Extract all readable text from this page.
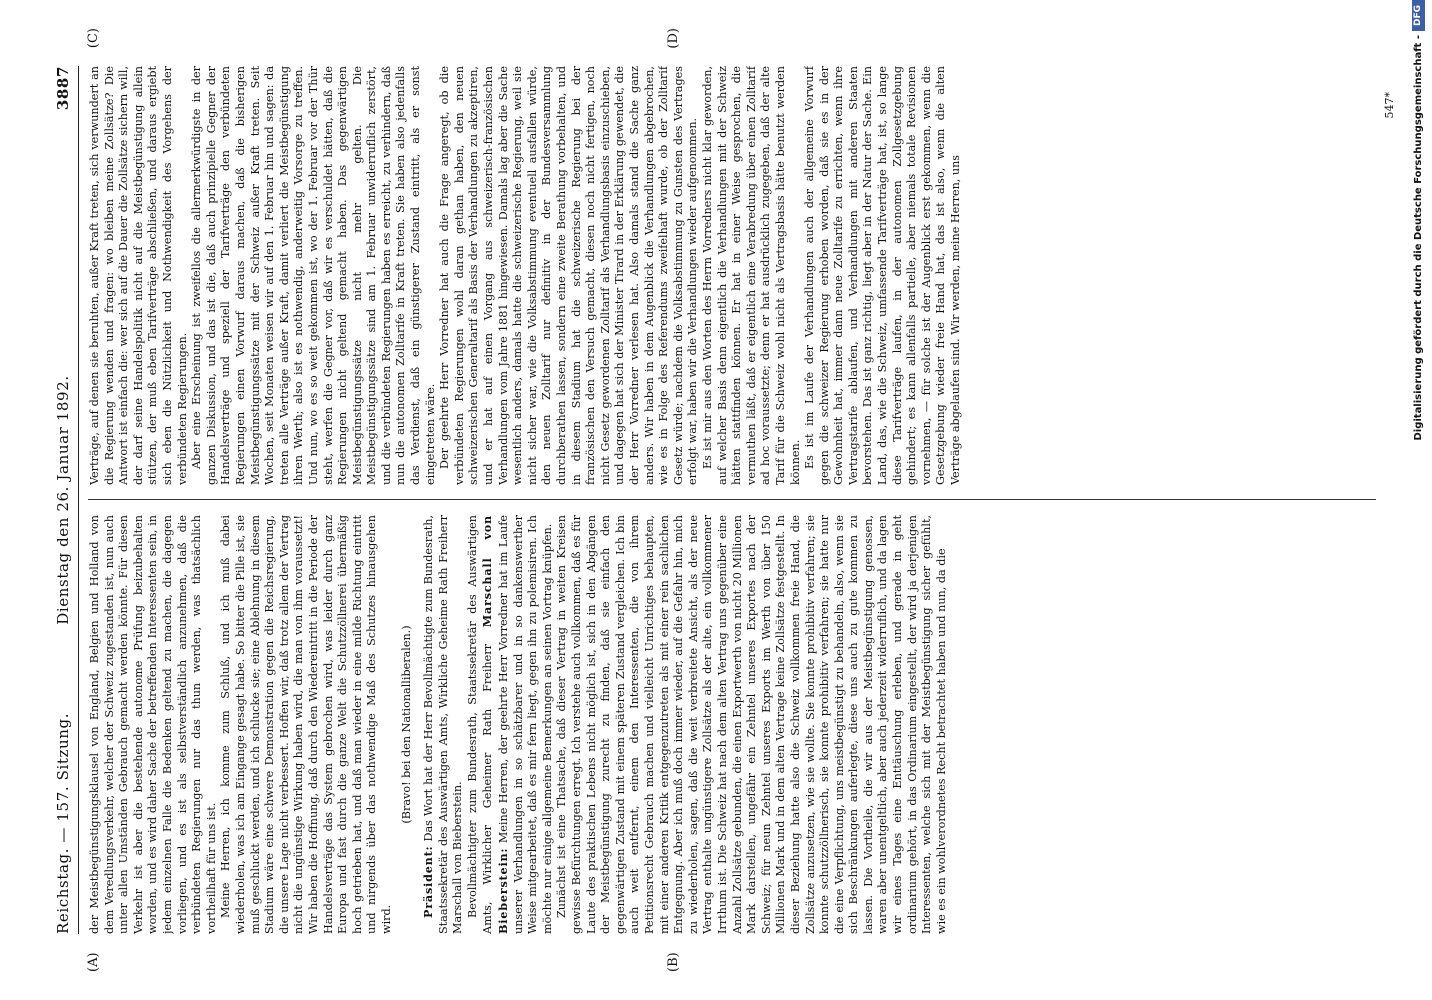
Reichstag. — 157. Sitzung.
Dienstag den 26. Januar 1892.
3887
(A)	(B)
(C)	(D)

der Meistbegünstigungsklausel von England, Belgien und Holland von dem Veredlungsverkehr, welcher der Schweiz zugestanden ist, nun auch unter allen Umständen Gebrauch gemacht werden könnte. Für diesen Verkehr ist aber die bestehende autonome Prüfung beizubehalten worden, und es wird daher Sache der betreffenden Interessenten sein, in jedem einzelnen Falle die Bedenken geltend zu machen, die dagegen vorliegen, und es ist als selbstverständlich anzunehmen, daß die verbündeten Regierungen nur das thun werden, was thatsächlich vortheilhaft für uns ist. Meine Herren, ich komme zum Schluß, und ich muß dabei wiederholen, was ich am Eingange gesagt habe. So bitter die Pille ist, sie muß geschluckt werden, und ich schlucke sie; eine Ablehnung in diesem Stadium wäre eine schwere Demonstration gegen die Reichsregierung, die unsere Lage nicht verbessert. Hoffen wir, daß trotz allem der Vertrag nicht die ungünstige Wirkung haben wird, die man von ihm voraussetzt! Wir haben die Hoffnung, daß durch den Wiedereintritt in die Periode der Handelsverträge das System gebrochen wird, was leider durch ganz Europa und fast durch die ganze Welt die Schutzzöllnerei übermäßig hoch getrieben hat, und daß man wieder in eine milde Richtung eintritt und nirgends über das nothwendige Maß des Schutzes hinausgehen wird.

(Bravo! bei den Nationalliberalen.)

Präsident: Das Wort hat der Herr Bevollmächtigte zum Bundesrath, Staatssekretär des Auswärtigen Amts, Wirkliche Geheime Rath Freiherr Marschall von Bieberstein. Bevollmächtigter zum Bundesrath, Staatssekretär des Auswärtigen Amts, Wirklicher Geheimer Rath Freiherr Marschall von Bieberstein: Meine Herren, der geehrte Herr Vorredner hat im Laufe unserer Verhandlungen in so schätzbarer und in so dankenswerther Weise mitgearbeitet, daß es mir fern liegt, gegen ihn zu polemisiren. Ich möchte nur einige allgemeine Bemerkungen an seinen Vortrag knüpfen. Zunächst ist eine Thatsache, daß dieser Vertrag in weiten Kreisen gewisse Befürchtungen erregt. Ich verstehe auch vollkommen, daß es für Laute des praktischen Lebens nicht möglich ist, sich in den Abgängen der Meistbegünstigung zurecht zu finden, daß sie einfach den gegenwärtigen Zustand mit einem späteren Zustand vergleichen. Ich bin auch weit entfernt, einem den Interessenten, die von ihrem Petitionsrecht Gebrauch machen und vielleicht Unrichtiges behaupten, mit einer anderen Kritik entgegenzutreten als mit einer rein sachlichen Entgegnung. Aber ich muß doch immer wieder, auf die Gefahr hin, mich zu wiederholen, sagen, daß die weit verbreitete Ansicht, als der neue Vertrag enthalte ungünstigere Zollsätze als der alte, ein vollkommener Irrthum ist. Die Schweiz hat nach dem alten Vertrag uns gegenüber eine Anzahl Zollsätze gebunden, die einen Exportwerth von nicht 20 Millionen Mark darstellen, ungefähr ein Zehntel unseres Exportes nach der Schweiz; für neun Zehntel unseres Exports im Werth von über 150 Millionen Mark und in dem alten Vertrage keine Zollsätze festgestellt. In dieser Beziehung hatte also die Schweiz vollkommen freie Hand, die Zollsätze anzusetzen, wie sie wollte. Sie konnte prohibitiv verfahren; sie konnte schutzzöllnerisch, sie konnte prohibitiv verfahren; sie hatte nur die eine Verpflichtung, uns meistbegünstigt zu behandeln, also, wenn sie sich Beschränkungen auferlegte, diese uns auch zu gute kommen zu lassen. Die Vortheile, die wir aus der Meistbegünstigung genossen, waren aber unentgeltlich, aber auch jederzeit widerruflich, und da lagen wir eines Tages eine Enttäuschung erleben, und gerade in geht ordinarium gehört, in das Ordinarium eingestellt, der wird ja derjenigen Interessenten, welche sich mit der Meistbegünstigung sicher gefühlt, wie es ein wohlverordnetes Recht betrachtet haben und nun, da die

Verträge, auf denen sie beruhten, außer Kraft treten, sich verwundert an die Regierung wenden und fragen: wo bleiben meine Zollsätze? Die Antwort ist einfach die: wer sich auf die Dauer die Zollsätze sichern will, der darf seine Handelspolitik nicht auf die Meistbegünstigung allein stützen, der muß eben Tarifverträge abschließen, und daraus ergiebt sich eben die Nützlichkeit und Nothwendigkeit des Vorgehens der verbündeten Regierungen. Aber eine Erscheinung ist zweifellos die allermerkwürdigste in der ganzen Diskussion, und das ist die, daß auch prinzipielle Gegner der Handelsverträge und speziell der Tarifverträge den verbündeten Regierungen einen Vorwurf daraus machen, daß die bisherigen Meistbegünstigungssätze mit der Schweiz außer Kraft treten. Seit Wochen, seit Monaten weisen wir auf den 1. Februar hin und sagen: da treten alle Verträge außer Kraft, damit verliert die Meistbegünstigung ihren Werth; also ist es nothwendig, anderweitig Vorsorge zu treffen. Und nun, wo es so weit gekommen ist, wo der 1. Februar vor der Thür steht, werfen die Gegner vor, daß wir es verschuldet hätten, daß die Regierungen nicht geltend gemacht haben. Das gegenwärtigen Meistbegünstigungssätze nicht mehr gelten. Die Meistbegünstigungssätze sind am 1. Februar unwiderruflich zerstört, und die verbündeten Regierungen haben es erreicht, zu verhindern, daß nun die autonomen Zolltarife in Kraft treten. Sie haben also jedenfalls das Verdienst, daß ein günstigerer Zustand eintritt, als er sonst eingetreten wäre. Der geehrte Herr Vorredner hat auch die Frage angeregt, ob die verbündeten Regierungen wohl daran gethan haben, den neuen schweizerischen Generaltarif als Basis der Verhandlungen zu akzeptiren, und er hat auf einen Vorgang aus schweizerisch-französischen Verhandlungen vom Jahre 1881 hingewiesen. Damals lag aber die Sache wesentlich anders, damals hatte die schweizerische Regierung, weil sie nicht sicher war, wie die Volksabstimmung eventuell ausfallen würde, den neuen Zolltarif nur definitiv in der Bundesversammlung durchberathen lassen, sondern eine zweite Berathung vorbehalten, und in diesem Stadium hat die schweizerische Regierung bei der französischen den Versuch gemacht, diesen noch nicht fertigen, noch nicht Gesetz gewordenen Zolltarif als Verhandlungsbasis einzuschieben, und dagegen hat sich der Minister Tirard in der Erklärung gewendet, die der Herr Vorredner verlesen hat. Also damals stand die Sache ganz anders. Wir haben in dem Augenblick die Verhandlungen abgebrochen, wie es in Folge des Referendums zweifelhaft wurde, ob der Zolltarif Gesetz würde; nachdem die Volksabstimmung zu Gunsten des Vertrages erfolgt war, haben wir die Verhandlungen wieder aufgenommen. Es ist mir aus den Worten des Herrn Vorredners nicht klar geworden, auf welcher Basis denn eigentlich die Verhandlungen mit der Schweiz hätten stattfinden können. Er hat in einer Weise gesprochen, die vermuthen läßt, daß er eigentlich eine Verabredung über einen Zolltarif ad hoc voraussetzte; denn er hat ausdrücklich zugegeben, daß der alte Tarif für die Schweiz wohl nicht als Vertragsbasis hätte benutzt werden können. Es ist im Laufe der Verhandlungen auch der allgemeine Vorwurf gegen die schweizer Regierung erhoben worden, daß sie es in der Gewohnheit hat, immer dann neue Zolltarife zu errichten, wenn ihre Vertragstarife ablaufen, und Verhandlungen mit anderen Staaten bevorstehen. Das ist ganz richtig, liegt aber in der Natur der Sache. Ein Land, das, wie die Schweiz, umfassende Tarifverträge hat, ist, so lange diese Tarifverträge laufen, in der autonomen Zollgesetzgebung gehindert; es kann allenfalls partielle, aber niemals totale Revisionen vornehmen, — für solche ist der Augenblick erst gekommen, wenn die Gesetzgebung wieder freie Hand hat, das ist also, wenn die alten Verträge abgelaufen sind. Wir werden, meine Herren, uns

547* Digitalisierung gefördert durch die Deutsche Forschungsgemeinschaft -
DFG
